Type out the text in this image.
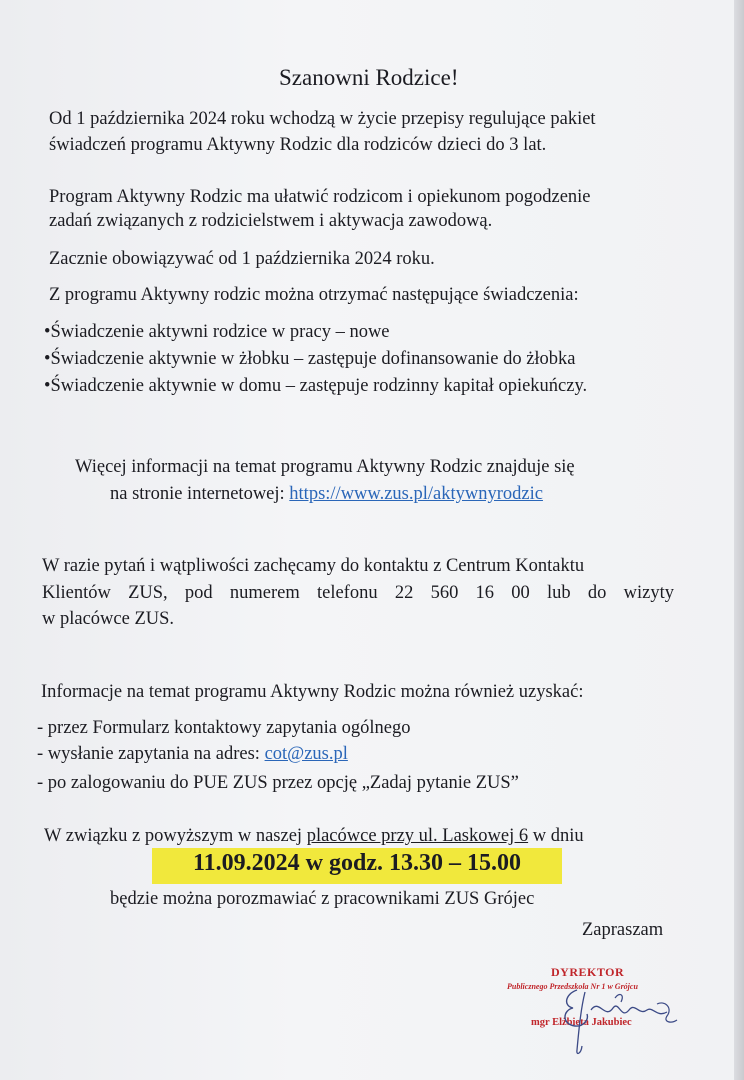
Szanowni Rodzice!
Od 1 października 2024 roku wchodzą w życie przepisy regulujące pakiet
świadczeń programu Aktywny Rodzic dla rodziców dzieci do 3 lat.
Program Aktywny Rodzic ma ułatwić rodzicom i opiekunom pogodzenie
zadań związanych z rodzicielstwem i aktywacja zawodową.
Zacznie obowiązywać od 1 października 2024 roku.
Z programu Aktywny rodzic można otrzymać następujące świadczenia:
•Świadczenie aktywni rodzice w pracy – nowe
•Świadczenie aktywnie w żłobku – zastępuje dofinansowanie do żłobka
•Świadczenie aktywnie w domu – zastępuje rodzinny kapitał opiekuńczy.
Więcej informacji na temat programu Aktywny Rodzic znajduje się
na stronie internetowej: https://www.zus.pl/aktywnyrodzic
W razie pytań i wątpliwości zachęcamy do kontaktu z Centrum Kontaktu
Klientów ZUS, pod numerem telefonu 22 560 16 00 lub do wizyty
w placówce ZUS.
Informacje na temat programu Aktywny Rodzic można również uzyskać:
- przez Formularz kontaktowy zapytania ogólnego
- wysłanie zapytania na adres: cot@zus.pl
- po zalogowaniu do PUE ZUS przez opcję „Zadaj pytanie ZUS”
W związku z powyższym w naszej placówce przy ul. Laskowej 6 w dniu
11.09.2024 w godz. 13.30 – 15.00
będzie można porozmawiać z pracownikami ZUS Grójec
Zapraszam
DYREKTOR
Publicznego Przedszkola Nr 1 w Grójcu
mgr Elżbieta Jakubiec
